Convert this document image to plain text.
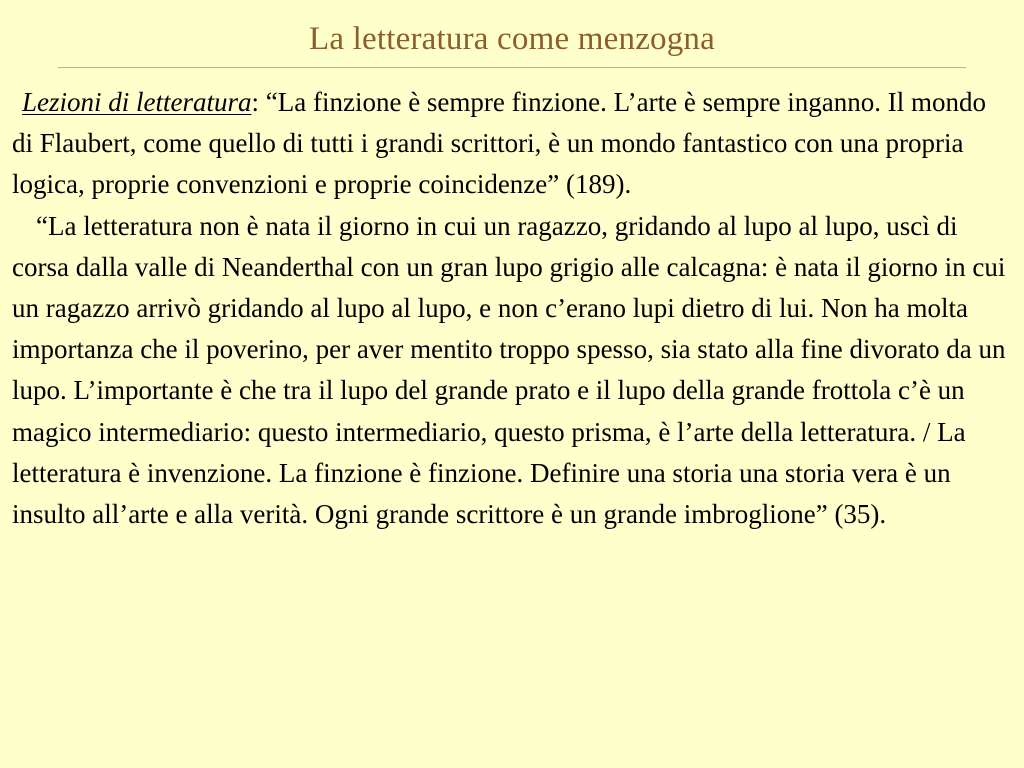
La letteratura come menzogna

Lezioni di letteratura: “La finzione è sempre finzione. L’arte è sempre inganno. Il mondo di Flaubert, come quello di tutti i grandi scrittori, è un mondo fantastico con una propria logica, proprie convenzioni e proprie coincidenze” (189).

“La letteratura non è nata il giorno in cui un ragazzo, gridando al lupo al lupo, uscì di corsa dalla valle di Neanderthal con un gran lupo grigio alle calcagna: è nata il giorno in cui un ragazzo arrivò gridando al lupo al lupo, e non c’erano lupi dietro di lui. Non ha molta importanza che il poverino, per aver mentito troppo spesso, sia stato alla fine divorato da un lupo. L’importante è che tra il lupo del grande prato e il lupo della grande frottola c’è un magico intermediario: questo intermediario, questo prisma, è l’arte della letteratura. / La letteratura è invenzione. La finzione è finzione. Definire una storia una storia vera è un insulto all’arte e alla verità. Ogni grande scrittore è un grande imbroglione” (35).
